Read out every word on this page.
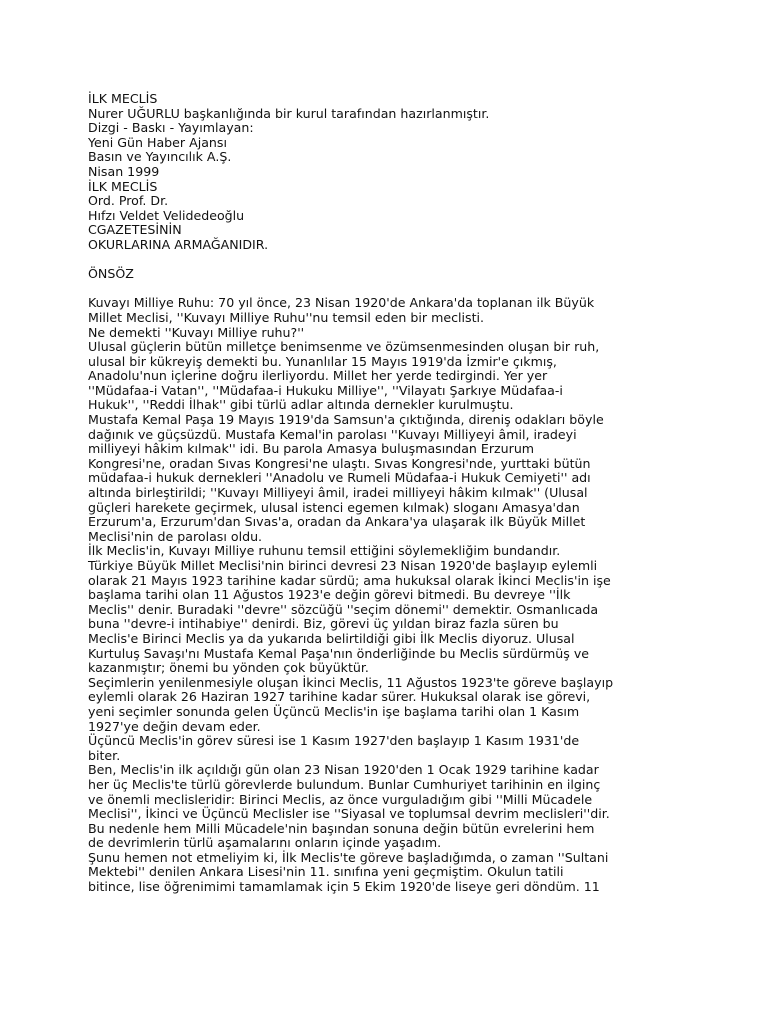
İLK MECLİS
Nurer UĞURLU başkanlığında bir kurul tarafından hazırlanmıştır.
Dizgi - Baskı - Yayımlayan:
Yeni Gün Haber Ajansı
Basın ve Yayıncılık A.Ş.
Nisan 1999
İLK MECLİS
Ord. Prof. Dr.
Hıfzı Veldet Velidedeoğlu
CGAZETESİNİN
OKURLARINA ARMAĞANIDIR.
ÖNSÖZ
Kuvayı Milliye Ruhu: 70 yıl önce, 23 Nisan 1920'de Ankara'da toplanan ilk Büyük
Millet Meclisi, ''Kuvayı Milliye Ruhu''nu temsil eden bir meclisti.
Ne demekti ''Kuvayı Milliye ruhu?''
Ulusal güçlerin bütün milletçe benimsenme ve özümsenmesinden oluşan bir ruh,
ulusal bir kükreyiş demekti bu. Yunanlılar 15 Mayıs 1919'da İzmir'e çıkmış,
Anadolu'nun içlerine doğru ilerliyordu. Millet her yerde tedirgindi. Yer yer
''Müdafaa-i Vatan'', ''Müdafaa-i Hukuku Milliye'', ''Vilayatı Şarkıye Müdafaa-i
Hukuk'', ''Reddi İlhak'' gibi türlü adlar altında dernekler kurulmuştu.
Mustafa Kemal Paşa 19 Mayıs 1919'da Samsun'a çıktığında, direniş odakları böyle
dağınık ve güçsüzdü. Mustafa Kemal'in parolası ''Kuvayı Milliyeyi âmil, iradeyi
milliyeyi hâkim kılmak'' idi. Bu parola Amasya buluşmasından Erzurum
Kongresi'ne, oradan Sıvas Kongresi'ne ulaştı. Sıvas Kongresi'nde, yurttaki bütün
müdafaa-i hukuk dernekleri ''Anadolu ve Rumeli Müdafaa-i Hukuk Cemiyeti'' adı
altında birleştirildi; ''Kuvayı Milliyeyi âmil, iradei milliyeyi hâkim kılmak'' (Ulusal
güçleri harekete geçirmek, ulusal istenci egemen kılmak) sloganı Amasya'dan
Erzurum'a, Erzurum'dan Sıvas'a, oradan da Ankara'ya ulaşarak ilk Büyük Millet
Meclisi'nin de parolası oldu.
İlk Meclis'in, Kuvayı Milliye ruhunu temsil ettiğini söylemekliğim bundandır.
Türkiye Büyük Millet Meclisi'nin birinci devresi 23 Nisan 1920'de başlayıp eylemli
olarak 21 Mayıs 1923 tarihine kadar sürdü; ama hukuksal olarak İkinci Meclis'in işe
başlama tarihi olan 11 Ağustos 1923'e değin görevi bitmedi. Bu devreye ''İlk
Meclis'' denir. Buradaki ''devre'' sözcüğü ''seçim dönemi'' demektir. Osmanlıcada
buna ''devre-i intihabiye'' denirdi. Biz, görevi üç yıldan biraz fazla süren bu
Meclis'e Birinci Meclis ya da yukarıda belirtildiği gibi İlk Meclis diyoruz. Ulusal
Kurtuluş Savaşı'nı Mustafa Kemal Paşa'nın önderliğinde bu Meclis sürdürmüş ve
kazanmıştır; önemi bu yönden çok büyüktür.
Seçimlerin yenilenmesiyle oluşan İkinci Meclis, 11 Ağustos 1923'te göreve başlayıp
eylemli olarak 26 Haziran 1927 tarihine kadar sürer. Hukuksal olarak ise görevi,
yeni seçimler sonunda gelen Üçüncü Meclis'in işe başlama tarihi olan 1 Kasım
1927'ye değin devam eder.
Üçüncü Meclis'in görev süresi ise 1 Kasım 1927'den başlayıp 1 Kasım 1931'de
biter.
Ben, Meclis'in ilk açıldığı gün olan 23 Nisan 1920'den 1 Ocak 1929 tarihine kadar
her üç Meclis'te türlü görevlerde bulundum. Bunlar Cumhuriyet tarihinin en ilginç
ve önemli meclisleridir: Birinci Meclis, az önce vurguladığım gibi ''Milli Mücadele
Meclisi'', İkinci ve Üçüncü Meclisler ise ''Siyasal ve toplumsal devrim meclisleri''dir.
Bu nedenle hem Milli Mücadele'nin başından sonuna değin bütün evrelerini hem
de devrimlerin türlü aşamalarını onların içinde yaşadım.
Şunu hemen not etmeliyim ki, İlk Meclis'te göreve başladığımda, o zaman ''Sultani
Mektebi'' denilen Ankara Lisesi'nin 11. sınıfına yeni geçmiştim. Okulun tatili
bitince, lise öğrenimimi tamamlamak için 5 Ekim 1920'de liseye geri döndüm. 11
